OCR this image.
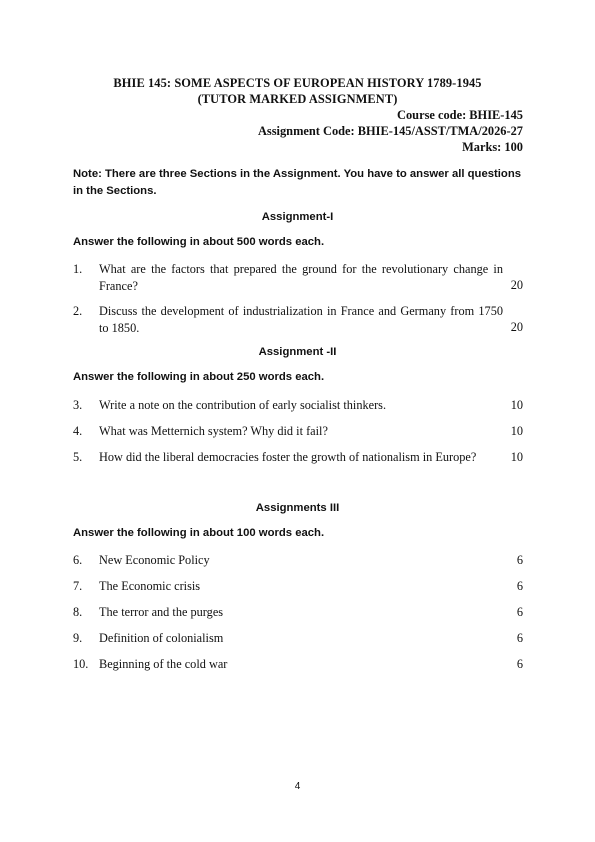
BHIE 145: SOME ASPECTS OF EUROPEAN HISTORY 1789-1945
(TUTOR MARKED ASSIGNMENT)
Course code: BHIE-145
Assignment Code: BHIE-145/ASST/TMA/2026-27
Marks: 100
Note: There are three Sections in the Assignment. You have to answer all questions in the Sections.
Assignment-I
Answer the following in about 500 words each.
1. What are the factors that prepared the ground for the revolutionary change in France?	20
2. Discuss the development of industrialization in France and Germany from 1750 to 1850.	20
Assignment -II
Answer the following in about 250 words each.
3. Write a note on the contribution of early socialist thinkers.	10
4. What was Metternich system? Why did it fail?	10
5. How did the liberal democracies foster the growth of nationalism in Europe?	10
Assignments III
Answer the following in about 100 words each.
6. New Economic Policy	6
7. The Economic crisis	6
8. The terror and the purges	6
9. Definition of colonialism	6
10. Beginning of the cold war	6
4
